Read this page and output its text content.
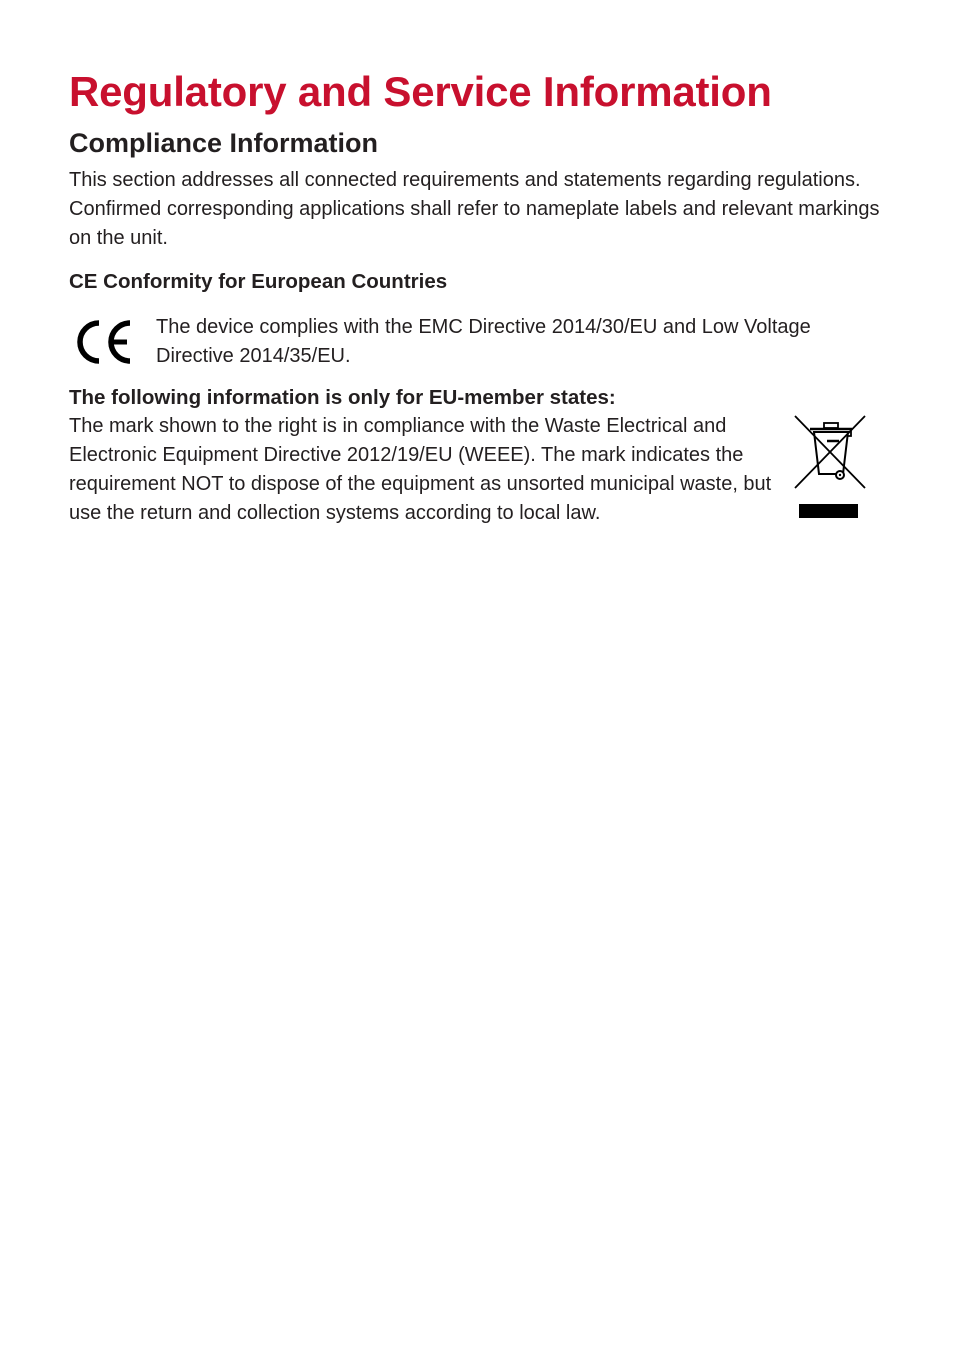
Regulatory and Service Information
Compliance Information

This section addresses all connected requirements and statements regarding regulations. Confirmed corresponding applications shall refer to nameplate labels and relevant markings on the unit.

CE Conformity for European Countries

The device complies with the EMC Directive 2014/30/EU and Low Voltage Directive 2014/35/EU.

The following information is only for EU-member states:

The mark shown to the right is in compliance with the Waste Electrical and Electronic Equipment Directive 2012/19/EU (WEEE). The mark indicates the requirement NOT to dispose of the equipment as unsorted municipal waste, but use the return and collection systems according to local law.
